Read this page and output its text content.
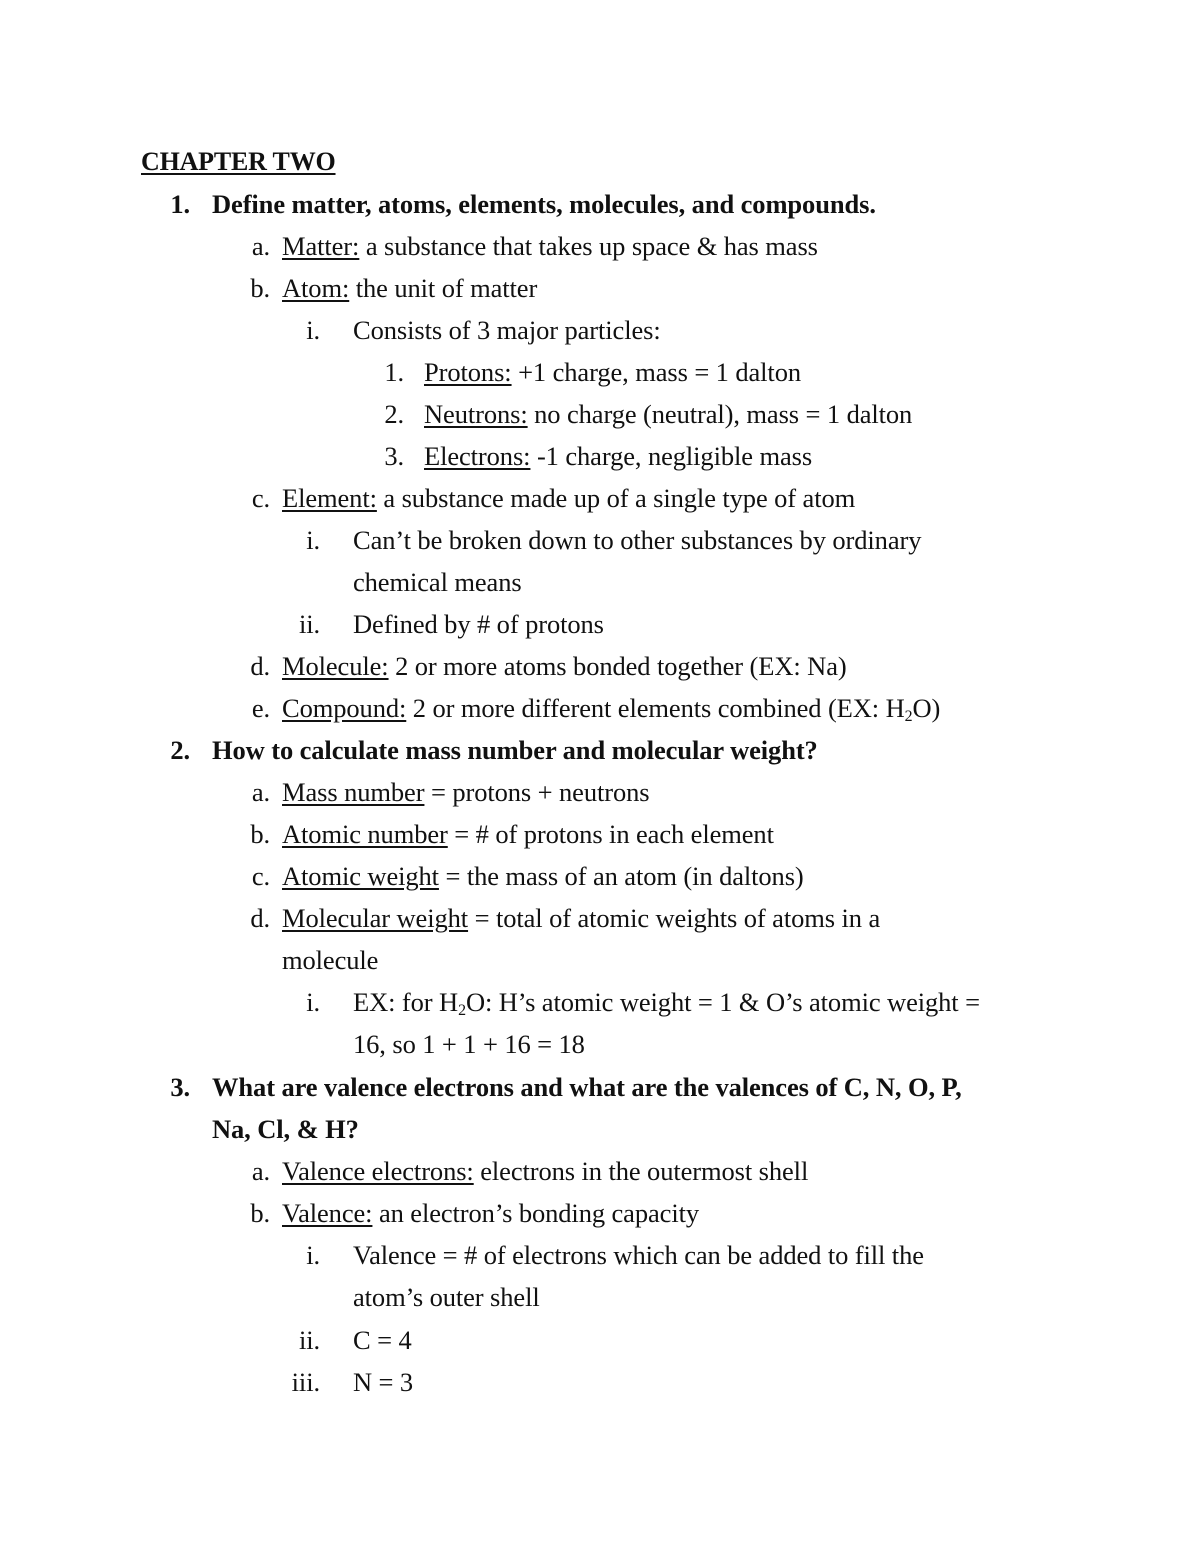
CHAPTER TWO
1. Define matter, atoms, elements, molecules, and compounds.
a. Matter: a substance that takes up space & has mass
b. Atom: the unit of matter
i. Consists of 3 major particles:
1. Protons: +1 charge, mass = 1 dalton
2. Neutrons: no charge (neutral), mass = 1 dalton
3. Electrons: -1 charge, negligible mass
c. Element: a substance made up of a single type of atom
i. Can’t be broken down to other substances by ordinary
chemical means
ii. Defined by # of protons
d. Molecule: 2 or more atoms bonded together (EX: Na)
e. Compound: 2 or more different elements combined (EX: $H_2O$)
2. How to calculate mass number and molecular weight?
a. Mass number = protons + neutrons
b. Atomic number = # of protons in each element
c. Atomic weight = the mass of an atom (in daltons)
d. Molecular weight = total of atomic weights of atoms in a
molecule
i. EX: for $H_2O$: H’s atomic weight = 1 & O’s atomic weight =
16, so 1 + 1 + 16 = 18
3. What are valence electrons and what are the valences of C, N, O, P,
Na, Cl, & H?
a. Valence electrons: electrons in the outermost shell
b. Valence: an electron’s bonding capacity
i. Valence = # of electrons which can be added to fill the
atom’s outer shell
ii. C = 4
iii. N = 3
